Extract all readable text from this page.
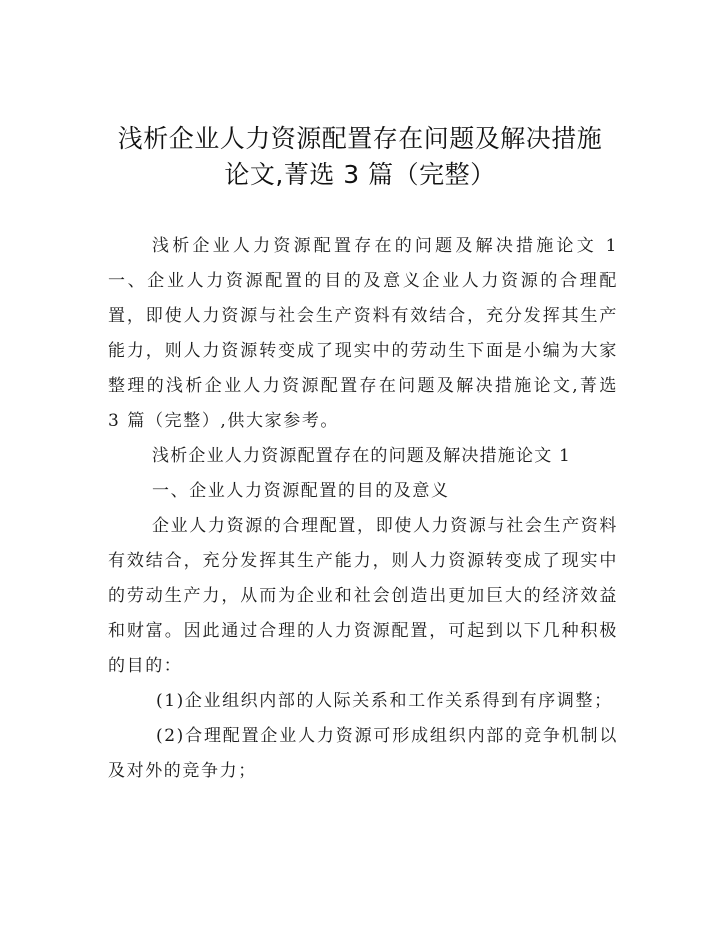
浅析企业人力资源配置存在问题及解决措施
论文,菁选 3 篇（完整）

浅析企业人力资源配置存在的问题及解决措施论文 1 一、企业人力资源配置的目的及意义企业人力资源的合理配置，即使人力资源与社会生产资料有效结合，充分发挥其生产能力，则人力资源转变成了现实中的劳动生下面是小编为大家整理的浅析企业人力资源配置存在问题及解决措施论文,菁选 3 篇（完整）,供大家参考。

浅析企业人力资源配置存在的问题及解决措施论文 1

一、企业人力资源配置的目的及意义

企业人力资源的合理配置，即使人力资源与社会生产资料有效结合，充分发挥其生产能力，则人力资源转变成了现实中的劳动生产力，从而为企业和社会创造出更加巨大的经济效益和财富。因此通过合理的人力资源配置，可起到以下几种积极的目的：

(1)企业组织内部的人际关系和工作关系得到有序调整；

(2)合理配置企业人力资源可形成组织内部的竞争机制以及对外的竞争力；
